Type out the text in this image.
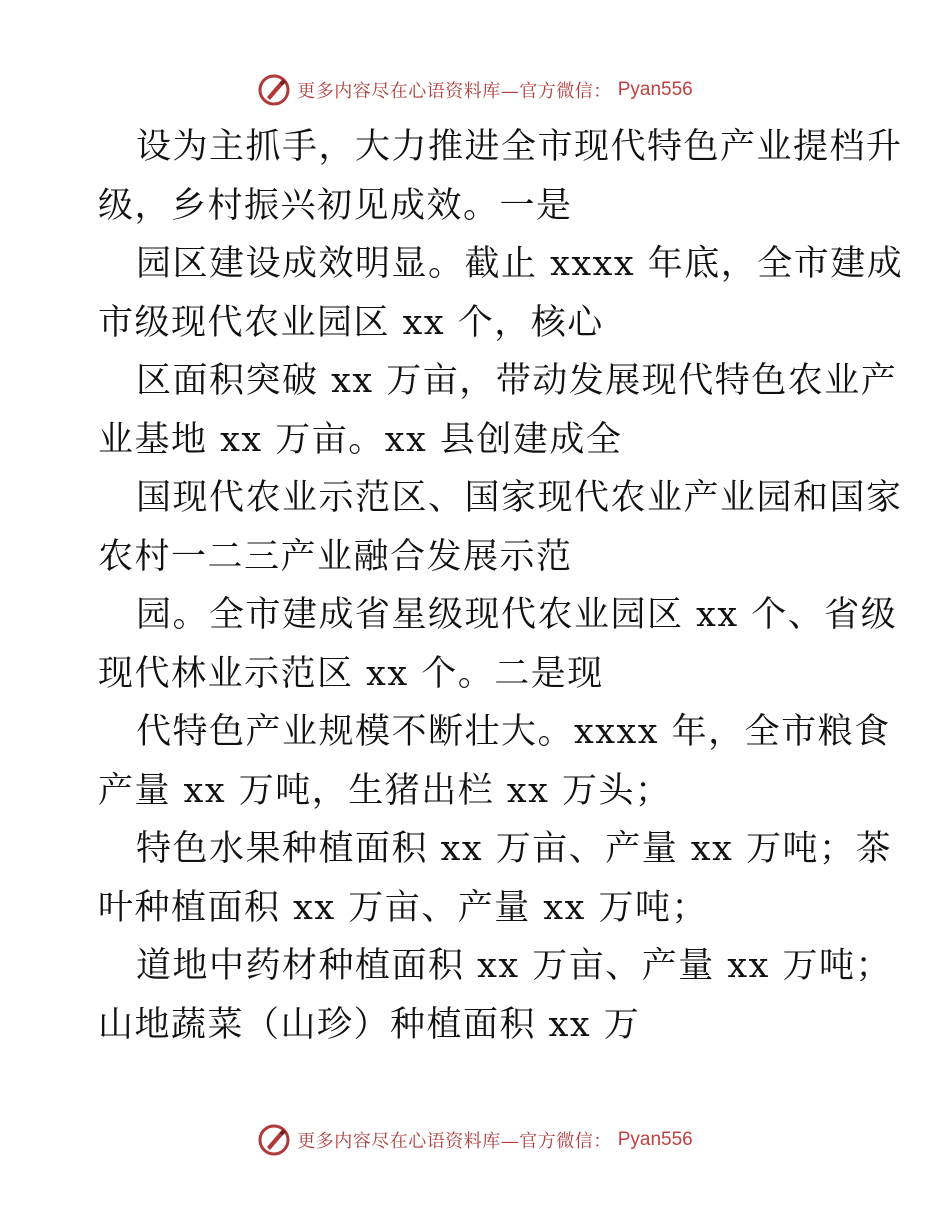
更多内容尽在心语资料库—官方微信： Pyan556
设为主抓手，大力推进全市现代特色产业提档升
级，乡村振兴初见成效。一是
园区建设成效明显。截止 xxxx 年底，全市建成
市级现代农业园区 xx 个，核心
区面积突破 xx 万亩，带动发展现代特色农业产
业基地 xx 万亩。xx 县创建成全
国现代农业示范区、国家现代农业产业园和国家
农村一二三产业融合发展示范
园。全市建成省星级现代农业园区 xx 个、省级
现代林业示范区 xx 个。二是现
代特色产业规模不断壮大。xxxx 年，全市粮食
产量 xx 万吨，生猪出栏 xx 万头；
特色水果种植面积 xx 万亩、产量 xx 万吨；茶
叶种植面积 xx 万亩、产量 xx 万吨；
道地中药材种植面积 xx 万亩、产量 xx 万吨；
山地蔬菜（山珍）种植面积 xx 万
更多内容尽在心语资料库—官方微信： Pyan556
